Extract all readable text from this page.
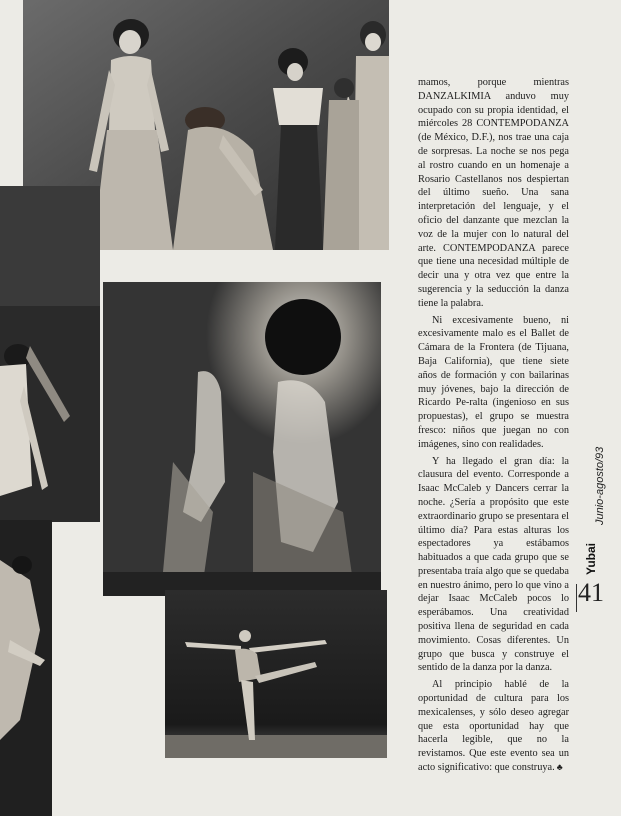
mamos, porque mientras DANZALKIMIA anduvo muy ocupado con su propia identidad, el miércoles 28 CONTEMPODANZA (de México, D.F.), nos trae una caja de sorpresas. La noche se nos pega al rostro cuando en un homenaje a Rosario Castellanos nos despiertan del último sueño. Una sana interpretación del lenguaje, y el oficio del danzante que mezclan la voz de la mujer con lo natural del arte. CONTEMPODANZA parece que tiene una necesidad múltiple de decir una y otra vez que entre la sugerencia y la seducción la danza tiene la palabra.

Ni excesivamente bueno, ni excesivamente malo es el Ballet de Cámara de la Frontera (de Tijuana, Baja California), que tiene siete años de formación y con bailarinas muy jóvenes, bajo la dirección de Ricardo Pe-ralta (ingenioso en sus propuestas), el grupo se muestra fresco: niños que juegan no con imágenes, sino con realidades.

Y ha llegado el gran día: la clausura del evento. Corresponde a Isaac McCaleb y Dancers cerrar la noche. ¿Sería a propósito que este extraordinario grupo se presentara el último día? Para estas alturas los espectadores ya estábamos habituados a que cada grupo que se presentaba traía algo que se quedaba en nuestro ánimo, pero lo que vino a dejar Isaac McCaleb pocos lo esperábamos. Una creatividad positiva llena de seguridad en cada movimiento. Cosas diferentes. Un grupo que busca y construye el sentido de la danza por la danza.

Al principio hablé de la oportunidad de cultura para los mexicalenses, y sólo deseo agregar que esta oportunidad hay que hacerla legible, que no la revistamos. Que este evento sea un acto significativo: que construya. ♣

Junio-agosto/93
Yubai
41
